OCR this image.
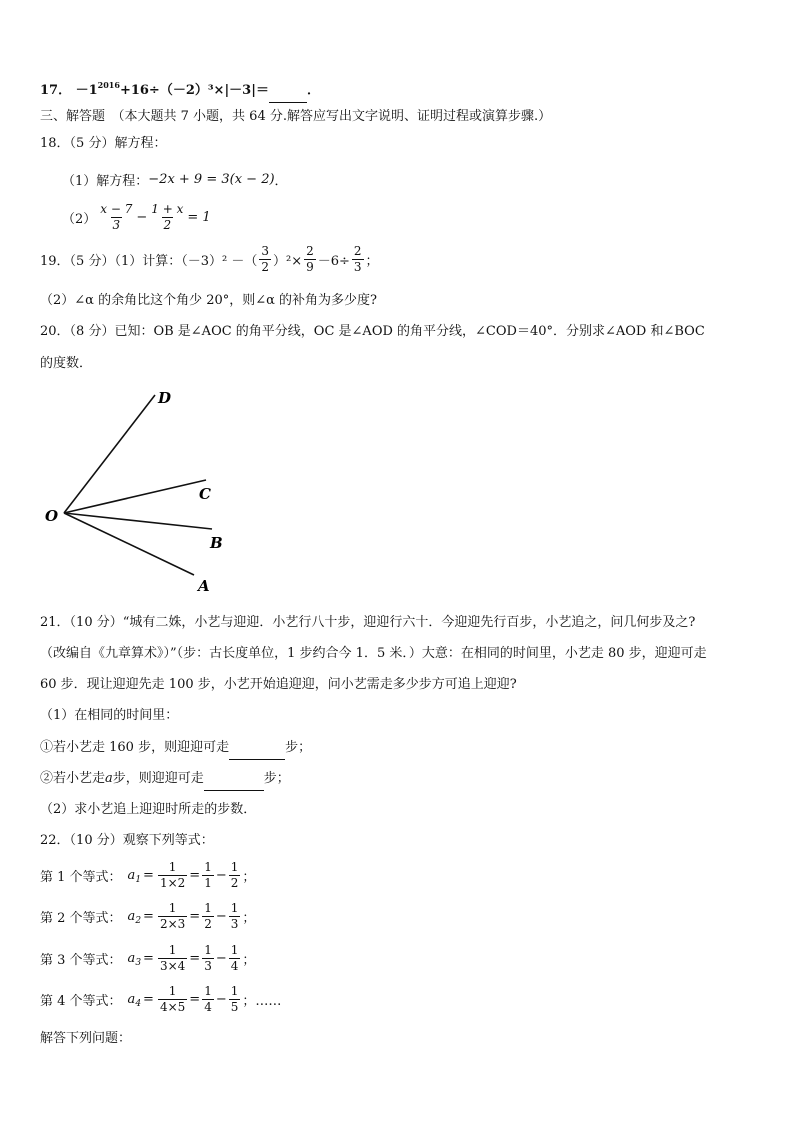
17． $-1^{2016}+16\div(-2)^3\times|-3|=$	．
三、解答题　（本大题共 7 小题，共 64 分.解答应写出文字说明、证明过程或演算步骤.）
18．（5 分）解方程：
（1）解方程： −2x + 9 = 3(x − 2) ．
$(2) \frac{x - 7}{3} - \frac{1 + x}{2} = 1$
19．（5 分）（1）计算：（－3）² －（ $\frac{3}{2} )^2\times \frac{2}{9} -6\div \frac{2}{3}$ ；
（2）∠α 的余角比这个角少 20°，则∠α 的补角为多少度?
20．（8 分）已知：OB 是∠AOC 的角平分线，OC 是∠AOD 的角平分线，∠COD＝40°．分别求∠AOD 和∠BOC
的度数．
D
C
O
B
A
21．（10 分）“城有二姝，小艺与迎迎．小艺行八十步，迎迎行六十．今迎迎先行百步，小艺追之，问几何步及之?
（改编自《九章算术》）”（步：古长度单位，1 步约合今 1．5 米．）大意：在相同的时间里，小艺走 80 步，迎迎可走
60 步．现让迎迎先走 100 步，小艺开始追迎迎，问小艺需走多少步方可追上迎迎?
（1）在相同的时间里：
①若小艺走 160 步，则迎迎可走	步；
②若小艺走a步，则迎迎可走	步；
（2）求小艺追上迎迎时所走的步数．
22．（10 分）观察下列等式：
第 1 个等式： $a_1 = \frac{1}{1\times 2} = \frac{1}{1} - \frac{1}{2}$ ；
第 2 个等式： $a_2 = \frac{1}{2\times 3} = \frac{1}{2} - \frac{1}{3}$ ；
第 3 个等式： $a_3 = \frac{1}{3\times 4} = \frac{1}{3} - \frac{1}{4}$ ；
第 4 个等式： $a_4 = \frac{1}{4\times 5} = \frac{1}{4} - \frac{1}{5}$ ；……
解答下列问题：
